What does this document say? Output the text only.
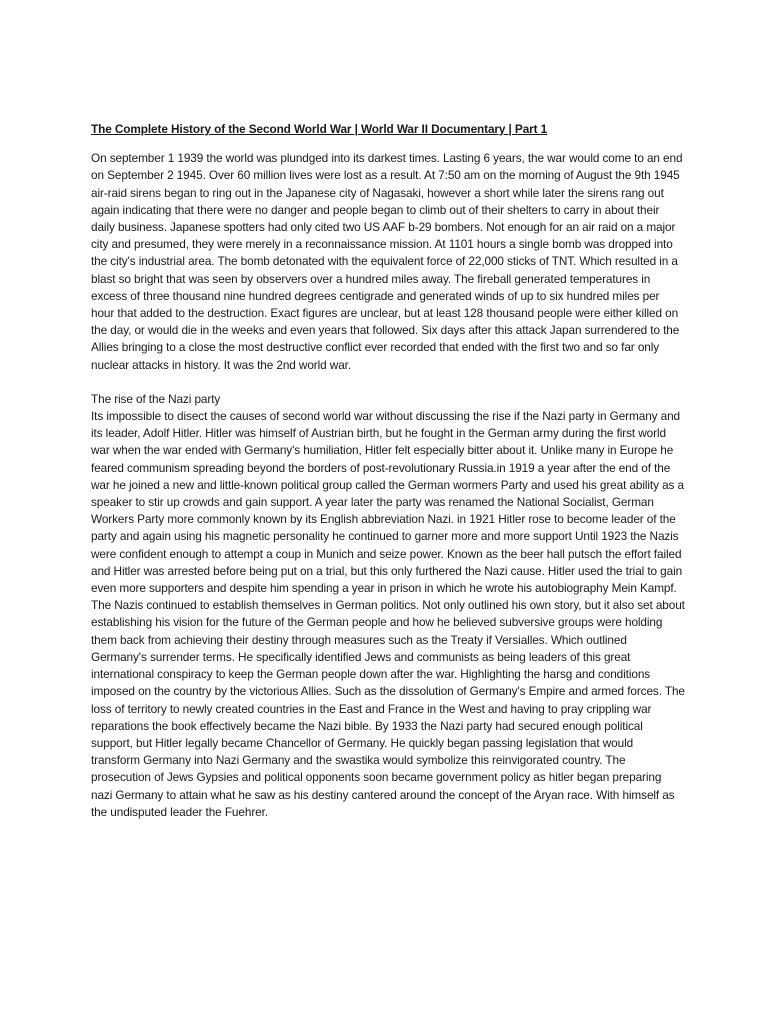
The Complete History of the Second World War | World War II Documentary | Part 1

On september 1 1939 the world was plundged into its darkest times. Lasting 6 years, the war would come to an end on September 2 1945. Over 60 million lives were lost as a result. At 7:50 am on the morning of August the 9th 1945 air-raid sirens began to ring out in the Japanese city of Nagasaki, however a short while later the sirens rang out again indicating that there were no danger and people began to climb out of their shelters to carry in about their daily business. Japanese spotters had only cited two US AAF b-29 bombers. Not enough for an air raid on a major city and presumed, they were merely in a reconnaissance mission. At 1101 hours a single bomb was dropped into the city's industrial area. The bomb detonated with the equivalent force of 22,000 sticks of TNT. Which resulted in a blast so bright that was seen by observers over a hundred miles away. The fireball generated temperatures in excess of three thousand nine hundred degrees centigrade and generated winds of up to six hundred miles per hour that added to the destruction. Exact figures are unclear, but at least 128 thousand people were either killed on the day, or would die in the weeks and even years that followed. Six days after this attack Japan surrendered to the Allies bringing to a close the most destructive conflict ever recorded that ended with the first two and so far only nuclear attacks in history. It was the 2nd world war.

The rise of the Nazi party

Its impossible to disect the causes of second world war without discussing the rise if the Nazi party in Germany and its leader, Adolf Hitler. Hitler was himself of Austrian birth, but he fought in the German army during the first world war when the war ended with Germany's humiliation, Hitler felt especially bitter about it. Unlike many in Europe he feared communism spreading beyond the borders of post-revolutionary Russia.in 1919 a year after the end of the war he joined a new and little-known political group called the German wormers Party and used his great ability as a speaker to stir up crowds and gain support. A year later the party was renamed the National Socialist, German Workers Party more commonly known by its English abbreviation Nazi. in 1921 Hitler rose to become leader of the party and again using his magnetic personality he continued to garner more and more support Until 1923 the Nazis were confident enough to attempt a coup in Munich and seize power. Known as the beer hall putsch the effort failed and Hitler was arrested before being put on a trial, but this only furthered the Nazi cause. Hitler used the trial to gain even more supporters and despite him spending a year in prison in which he wrote his autobiography Mein Kampf. The Nazis continued to establish themselves in German politics. Not only outlined his own story, but it also set about establishing his vision for the future of the German people and how he believed subversive groups were holding them back from achieving their destiny through measures such as the Treaty if Versialles. Which outlined Germany's surrender terms. He specifically identified Jews and communists as being leaders of this great international conspiracy to keep the German people down after the war. Highlighting the harsg and conditions imposed on the country by the victorious Allies. Such as the dissolution of Germany's Empire and armed forces. The loss of territory to newly created countries in the East and France in the West and having to pray crippling war reparations the book effectively became the Nazi bible. By 1933 the Nazi party had secured enough political support, but Hitler legally became Chancellor of Germany. He quickly began passing legislation that would transform Germany into Nazi Germany and the swastika would symbolize this reinvigorated country. The prosecution of Jews Gypsies and political opponents soon became government policy as hitler began preparing nazi Germany to attain what he saw as his destiny cantered around the concept of the Aryan race. With himself as the undisputed leader the Fuehrer.
